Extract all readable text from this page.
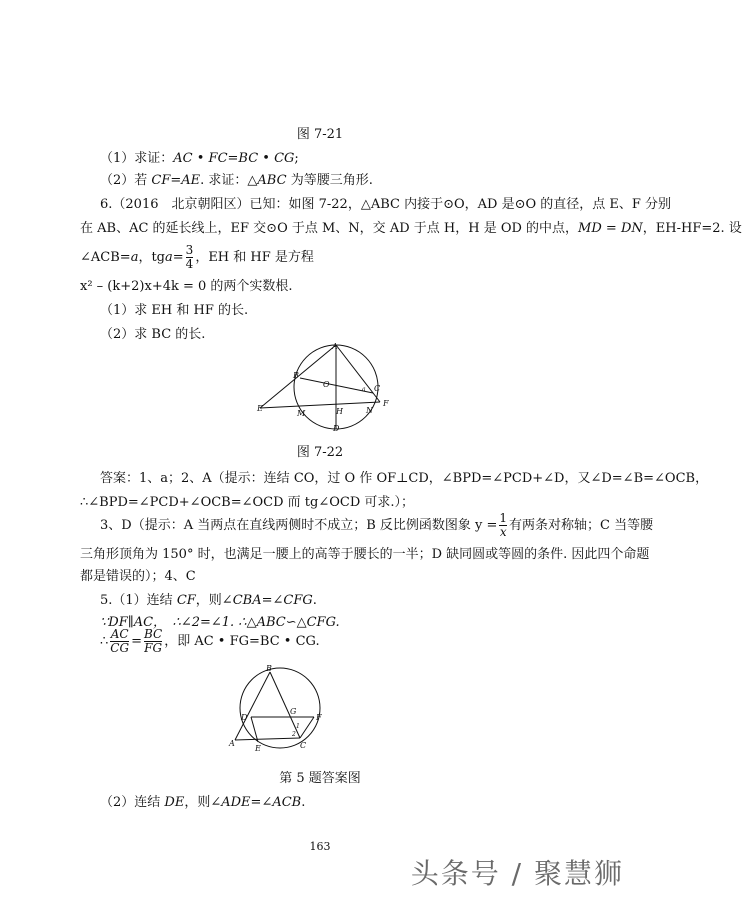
图 7-21
（1）求证：AC • FC=BC • CG;
（2）若 CF=AE. 求证：△ABC 为等腰三角形.
6.（2016　北京朝阳区）已知：如图 7-22，△ABC 内接于⊙O，AD 是⊙O 的直径，点 E、F 分别
在 AB、AC 的延长线上，EF 交⊙O 于点 M、N，交 AD 于点 H，H 是 OD 的中点，MD = DN，EH-HF=2. 设
∠ACB=a，$tga= \frac{3}{4}$ ，EH 和 HF 是方程
x² – (k+2)x+4k = 0 的两个实数根.
（1）求 EH 和 HF 的长.
（2）求 BC 的长.
A
B
O
a C
E
F
M	H	N
D
图 7-22
答案：1、a；2、A（提示：连结 CO，过 O 作 OF⊥CD，∠BPD=∠PCD+∠D，又∠D=∠B=∠OCB，
∴∠BPD=∠PCD+∠OCB=∠OCD 而 tg∠OCD 可求.）；
3、D（提示：A 当两点在直线两侧时不成立；B 反比例函数图象 $y = \frac{1}{x}$ 有两条对称轴；C 当等腰
三角形顶角为 150° 时，也满足一腰上的高等于腰长的一半；D 缺同圆或等圆的条件. 因此四个命题
都是错误的）；4、C
5.（1）连结 CF，则∠CBA=∠CFG.
∵DF∥AC，　∴∠2=∠1. ∴△ABC∽△CFG.
∴ $\frac{AC}{CG} = \frac{BC}{FG}$ ，即 AC • FG=BC • CG.
B
D
G
F
1
2
A
E	C
第 5 题答案图
（2）连结 DE，则∠ADE=∠ACB.
163
头条号 / 聚慧狮
